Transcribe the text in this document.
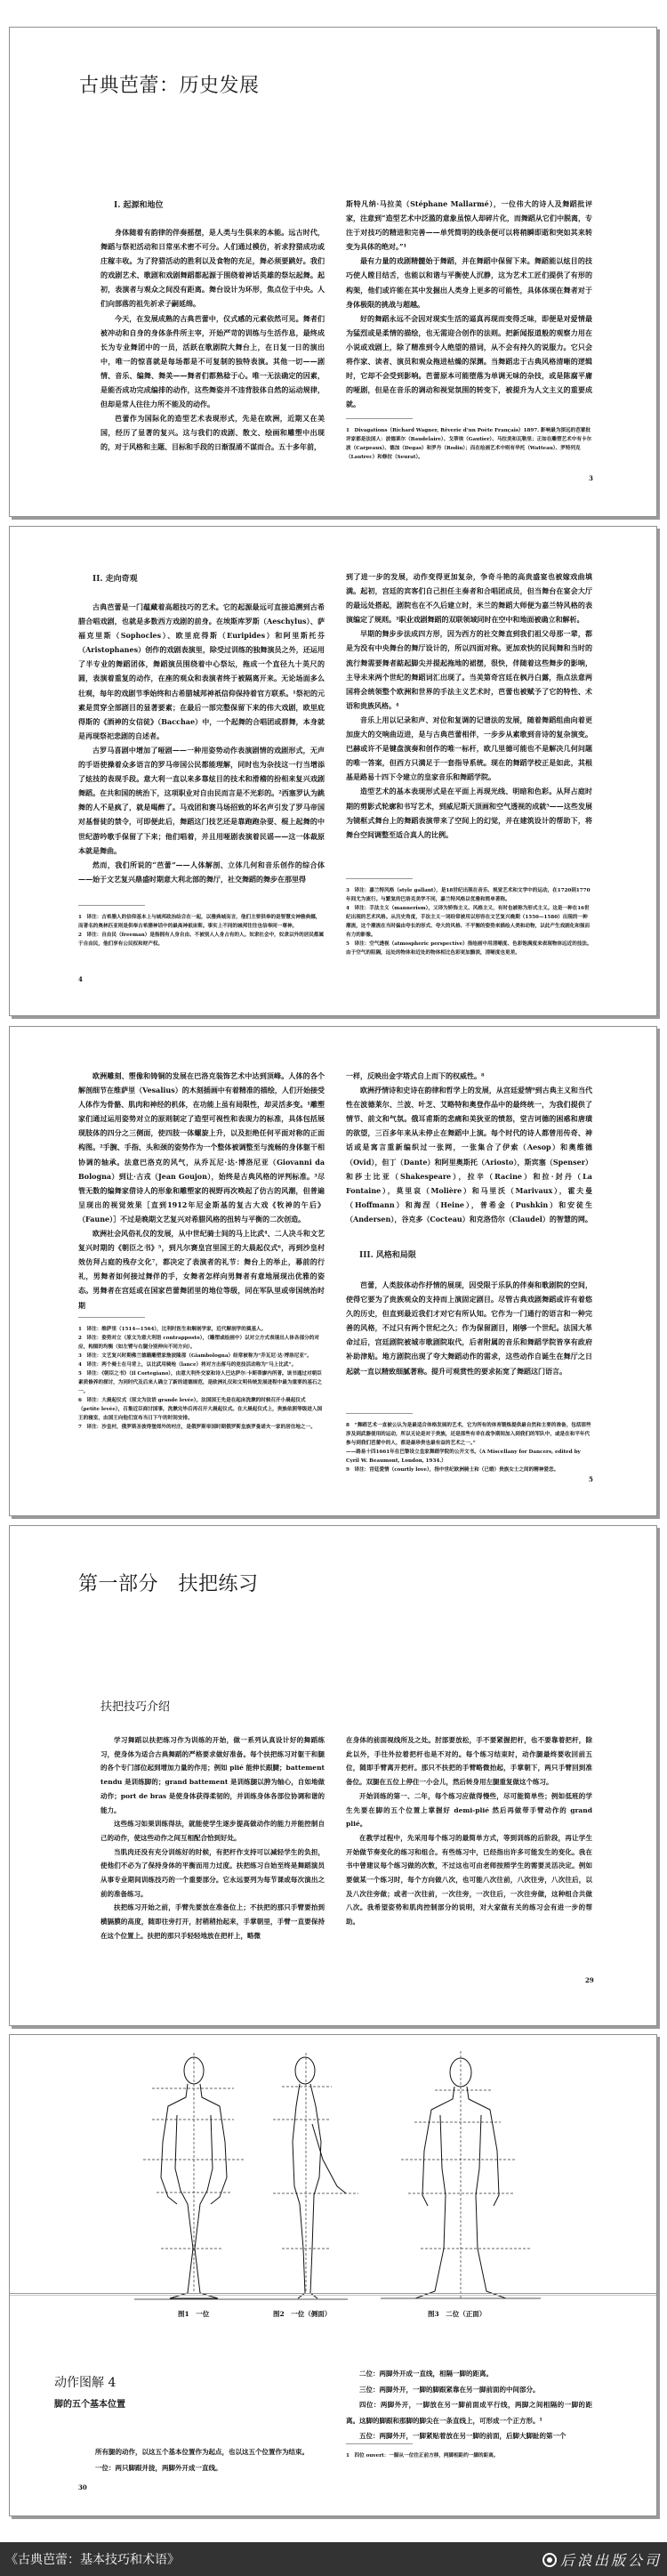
古典芭蕾：历史发展
I. 起源和地位

身体随着有韵律的伴奏摇摆，是人类与生俱来的本能。远古时代，舞蹈与祭祀活动和日常巫术密不可分。人们通过模仿，祈求狩猎成功或庄稼丰收。为了狩猎活动的胜利以及食物的充足，舞必须要跳好。我们的戏剧艺术、歌剧和戏剧舞蹈都起源于围绕着神话英雄的祭坛起舞。起初，表演者与观众之间没有距离。舞台设计为环形，焦点位于中央。人们向部落的祖先祈求子嗣延绵。

今天，在发展成熟的古典芭蕾中，仪式感的元素依然可见。舞者们被冲动和自身的身体条件所主宰，开始严苛的训练与生活作息，最终成长为专业舞团中的一员，活跃在歌剧院大舞台上，在日复一日的演出中，唯一的惊喜就是每场都是不可复制的独特表演。其他一切——剧情、音乐、编舞、舞美——舞者们都熟稔于心。唯一无法确定的因素，是能否成功完成编排的动作，这些舞姿并不违背肢体自然的运动规律，但却是常人往往力所不能及的动作。

芭蕾作为国际化的造型艺术表现形式，先是在欧洲，近期又在美国，经历了显著的复兴。这与我们的戏剧、散文、绘画和雕塑中出现的，对于风格和主题、目标和手段的日渐混淆不谋而合。五十多年前，

斯特凡纳·马拉美（Stéphane Mallarmé），一位伟大的诗人及舞蹈批评家，注意到“造型艺术中泛滥的意象虽惊人却碎片化，而舞蹈从它们中脱离，专注于对技巧的精进和完善——单凭简明的线条便可以将稍瞬即逝和突如其来转变为具体的绝对。”¹

最有力量的戏剧精髓始于舞蹈，并在舞蹈中保留下来。舞蹈能以炫目的技巧使人瞠目结舌，也能以和谐与平衡使人沉静，这为艺术工匠们提供了有形的构架，他们或许能在其中发掘出人类身上更多的可能性，具体体现在舞者对于身体极限的挑战与超越。

好的舞蹈永远不会因对现实生活的逼真再现而变得乏味，即便是对爱情最为猛烈或是柔情的描绘，也无需迎合创作的法则。把新闻报道般的观察力用在小说或戏剧上，除了精准到令人绝望的措词，从不会有持久的说服力。它只会将作家、读者、演员和观众拖进枯燥的深渊。当舞蹈忠于古典风格清晰的逻辑时，它却不会受到影响。芭蕾原本可能堕落为单调无味的杂技，或是陈腐平庸的哑剧，但是在音乐的调动和视觉氛围的转变下，被提升为人文主义的重要成就。

1　Divagations（Richard Wagner, Rêverie d’un Poète Français）1897. 影响最为深远的芭蕾批评家都是法国人：波德莱尔（Baudelaire）、戈蒂埃（Gautier）、马拉美和瓦勒里；正如在雕塑艺术中有卡尔波（Carpeaux）、德加（Degas）和罗丹（Rodin）；而在绘画艺术中则有华托（Watteau）、罗特列克（Lautrec）和修拉（Seurat）。

3
II. 走向奇观

古典芭蕾是一门蕴藏着高超技巧的艺术。它的起源最远可直接追溯到古希腊合唱戏剧，也就是多数西方戏剧的前身。在埃斯库罗斯（Aeschylus）、萨福克里斯（Sophocles）、欧里庇得斯（Euripides）和阿里斯托芬（Aristophanes）创作的戏剧表演里，除受过训练的独舞演员之外，还运用了半专业的舞蹈团体，舞蹈演员围绕着中心祭坛，拖成一个直径九十英尺的圆，表演着重复的动作，在座的观众和表演者终于被隔离开来。无论场面多么壮观，每年的戏剧节季始终和古希腊城邦神祇信仰保持着官方联系。¹祭祀的元素是贯穿全部剧目的显著要素；在最后一部完整保留下来的伟大戏剧，欧里庇得斯的《酒神的女信徒》（Bacchae）中，一个起舞的合唱团或群舞，本身就是再现祭祀悲剧的自述者。

古罗马喜剧中增加了哑剧——一种用姿势动作表演剧情的戏剧形式，无声的手语使操着众多语言的罗马帝国公民都能理解，同时也为杂技这一行当增添了炫技的表现手段。意大利一直以来多靠炫目的技术和滑稽的扮相来复兴戏剧舞蹈。在共和国的统治下，这项职业对自由民而言是不光彩的。²西塞罗认为跳舞的人不是疯了，就是喝醉了。马戏团和赛马场招致的坏名声引发了罗马帝国对基督徒的禁令，可即便此后，舞蹈这门技艺还是靠跑跑杂耍、棍上起舞的中世纪游吟歌手保留了下来；他们唱着，并且用哑剧表演着民谣——这一体裁原本就是舞曲。

然而，我们所说的“芭蕾”——人体解剖、立体几何和音乐创作的综合体——始于文艺复兴鼎盛时期意大利北部的舞厅，社交舞蹈的舞步在那里得

到了进一步的发展，动作变得更加复杂，争奇斗艳的高贵盛宴也被嫁戏曲填满。起初，宫廷的宾客们自己担任主奏者和合唱团成员，但当舞台在宴会大厅的最远处搭起，剧院也在不久后建立时，米兰的舞蹈大师便为嘉兰特风格的表演编定了规则。³职业戏剧舞蹈的双联领域同时在空中和地面被确立和解析。

早期的舞步步法成四方形，因为西方的社交舞直到我们祖父母那一辈，都是为没有中央舞台的舞厅设计的，所以四面对称。更加欢快的民间舞和当时的流行舞需要舞者踮起脚尖并提起拖地的裙摆，很快，伴随着这些舞步的影响，主导未来两个世纪的舞蹈词汇出现了。当美第奇宫廷在枫丹白露，指点法意两国将会统领整个欧洲和世界的手法主义艺术时，芭蕾也被赋予了它的特性、术语和贵族风格。⁴

音乐上用以记录和声、对位和复调的记谱法的发展，随着舞蹈组曲向着更加庞大的交响曲迈进，是与古典芭蕾相伴，一步步从素歌到音诗的复杂演变。巴赫或许不是键盘演奏和创作的唯一标杆，欧几里德可能也不是解决几何问题的唯一答案，但西方只满足于一套指导系统。现在的舞蹈学校正是如此，其根基是路易十四下令建立的皇家音乐和舞蹈学院。

造型艺术的基本表现形式是在平面上再现光线、明暗和色彩。从拜占庭时期的剪影式轮廓和书写艺术，到威尼斯天顶画和空气透视的成就⁵——这些发展为镜框式舞台上的舞蹈表演带来了空间上的幻觉，并在建筑设计的帮助下，将舞台空间调整至适合真人的比例。

1　译注：古希腊人的信仰基本上与城邦政治结合在一起，以雅典城而言，他们主要供奉的是智慧女神雅典娜，而著名的奥林匹亚则是供奉古希腊神话中的最高神祇宙斯。事实上不同的城邦往往也信奉同一尊神。

2　译注：自由民（freeman）是指拥有人身自由、不被别人人身占有的人。奴隶社会中，奴隶以外的居民都属于自由民，他们享有公民权和财产权。

3　译注：嘉兰特风格（style gallant），是18世纪出现在音乐、视觉艺术和文学中的运动，在1720到1770年间尤为流行。与繁复的巴洛克美学不同，嘉兰特风格以优雅和简单著称。

4　译注：手法主义（mannerism），又译为矫饰主义、风格主义，有时也被称为形式主义。这是一种在16世纪出现的艺术风格。从历史角度，手法主义一词经常被用以形容在文艺复兴晚期（1550—1580）出现的一种潮流，这个潮流在当时偏由夸长的形式、夸大的风格、不平衡的姿势来描绘人类和动物，以此产生戏剧化和强而有力的影像。

5　译注：空气透视（atmospheric perspective）指绘画中用清晰度、色彩饱满度来表现物体远近的技法。由于空气的阻隔，远处的物体和近处的物体相比色彩更加黯淡，清晰度也更差。

4

欧洲雕刻、塑像和铸铜的发展在巴洛克装饰艺术中达到顶峰。人体的各个解剖细节在维萨里（Vesalius）的木刻插画中有着精准的描绘，人们开始接受人体作为骨骼、肌肉和神经的机体，在功能上虽有局限性，却灵活多变。¹雕塑家们通过运用姿势对立的原则制定了造型可视性和表现力的标准，具体包括展现肢体的四分之三侧面，使四肢一体螺旋上升，以及拒绝任何平面对称的正面构图。²手腕、手指、头和颈的姿势作为一个整体被调整至与流畅的身体躯干相协调的轴承。法意巴洛克的风气，从乔瓦尼·达·博洛尼亚（Giovanni da Bologna）到让·古戎（Jean Goujon），始终是古典风格的评判标准。³尽管无数的编舞家借诗人的形象和雕塑家的视野再次唤起了仿古的风潮，但普遍呈现出的视觉效果［直到1912年尼金斯基的复古大戏《牧神的午后》（Faune）］不过是晚期文艺复兴对希腊风格的扭转与平衡的二次创造。

欧洲社会风俗礼仪的发展，从中世纪骑士间的马上比武⁴、二人决斗和文艺复兴时期的《朝臣之书》⁵，到凡尔赛皇宫里国王的大晨起仪式⁶，再到沙皇村效仿拜占庭的残存文化⁷，都决定了表演者的礼节：舞台上的举止，幕前的行礼，男舞者如何接过舞伴的手，女舞者怎样向男舞者有意地展现出优雅的姿态。男舞者在宫廷或在国家芭蕾舞团里的地位等级，同在军队里或帝国统治时期

一样，反映出金字塔式自上而下的权威性。⁸

欧洲抒情诗和史诗在韵律和哲学上的发展，从宫廷爱情⁹到古典主义和当代性在波德莱尔、兰波、叶芝、艾略特和奥登作品中的最终统一，为我们提供了情节、前文和气氛。俄耳甫斯的悲痛和美狄亚的愤怒，堂吉诃德的困惑和唐璜的欲望，三百多年来从未停止在舞蹈中上演。每个时代的诗人都曾用传奇、神话或是寓言重新编织过一张网，一张集合了伊索（Aesop）和奥维德（Ovid），但丁（Dante）和阿里奥斯托（Ariosto），斯宾塞（Spenser）和莎士比亚（Shakespeare），拉辛（Racine）和拉·封丹（La Fontaine），莫里哀（Molière）和马里沃（Marivaux），霍夫曼（Hoffmann）和海涅（Heine），普希金（Pushkin）和安徒生（Andersen），谷克多（Cocteau）和克洛岱尔（Claudel）的智慧的网。

III. 风格和局限

芭蕾，人类肢体动作抒情的展现，因受限于乐队的伴奏和歌剧院的空间，使得它要为了贵族观众的支持而上演固定剧目。尽管古典戏剧舞蹈或许有着悠久的历史，但直到最近我们才对它有所认知。它作为一门通行的语言和一种完善的风格，不过只有两个世纪之久；作为保留剧目，刚够一个世纪。法国大革命过后，宫廷剧院被城市歌剧院取代，后者附属的音乐和舞蹈学院皆享有政府补助津贴。地方剧院出现了夸大舞蹈动作的需求，这些动作自诞生在舞厅之日起就一直以精致细腻著称。提升可观赏性的要求拓宽了舞蹈这门语言。

1　译注：维萨里（1514—1564），比利时医生和解剖学家，近代解剖学的奠基人。

2　译注：姿势对立（原文为意大利语 contrapposto），（雕塑或绘画中）以对立方式表现出人体各部分的对应，构图的均衡（如左臂与右腿分别伸向不同方向）。

3　译注：文艺复兴时期佛兰德籍雕塑家詹波隆那（Giambologna）经常被称为“乔瓦尼·达·博洛尼亚”。

4　译注：两个骑士在马背上，以比武用骑枪（lance）将对方击落马的竞技活动称为“马上比武”。

5　译注：《朝臣之书》（Il Cortegiano），由意大利外交家和诗人巴达萨尔·卡斯蒂廖内所著。该书通过对朝臣素质修养的探讨，为同时代及后来人确立了新的道德规范，是欧洲礼仪和文明传统发展进程中最为重要的基石之一。

6　译注：大晨起仪式（原文为法语 grande levée）。法国国王先是在起床洗漱的时候召开小晨起仪式（petite levée），召集近臣商讨国事，洗漱完毕后再召开大晨起仪式。在大晨起仪式上，贵族依照等级进入国王的寝室，由国王向他们宣布当日下午的时间安排。

7　译注：沙皇村，俄罗斯圣彼得堡郊外的村庄，是俄罗斯帝国时期俄罗斯皇族罗曼诺夫一家的居住地之一。	8　“舞蹈艺术一直被公认为是最适合体格发展的艺术，它为所有的体育锻炼提供最自然和主要的准备，包括那些涉及到武器使用的运动，所以无论是对于贵族，还是那些有幸在战争期间加入到我们的军队中，或是在和平年代参与到我们芭蕾中的人，都是最珍贵也最有益的艺术之一。”

——路易十四1661年在巴黎设立皇家舞蹈学院的公开文书。（A Miscellany for Dancers, edited by Cyril W. Beaumont, London, 1934.）

9　译注：宫廷爱情（courtly love），指中世纪欧洲骑士和（已婚）贵族女士之间的精神爱恋。

5
第一部分　扶把练习
扶把技巧介绍

学习舞蹈以扶把练习作为训练的开始，做一系列认真设计好的舞蹈练习，使身体为适合古典舞蹈的严格要求做好准备。每个扶把练习对躯干和腿的各个专门部位起到增加力量的作用；例如 plié 能伸长跟腱；battement tendu 是训练脚的；grand battement 是训练腿以胯为轴心，自如地做动作；port de bras 是使身体获得柔韧的，并训练身体各部位协调和谐的能力。

这些练习如果训练得法，就能使学生逐步提高做动作的能力并能控制自己的动作，使这些动作之间互相配合恰到好处。

当肌肉还没有充分训练好的时候，有把杆作支持可以减轻学生的负担，使他们不必为了保持身体的平衡而用力过度。扶把练习自始至终是舞蹈演员从事专业期间训练技巧的一个重要部分。它永远要列为每节课或每次演出之前的准备练习。

扶把练习开始之前，手臂先要放在准备位上；不扶把的那只手臂要抬到横膈膜的高度，随即往旁打开，肘稍稍抬起来，手掌朝里，手臂一直要保持在这个位置上。扶把的那只手轻轻地放在把杆上，略微

在身体的前面视线所及之处。肘部要放松，手不要紧握把杆，也不要靠着把杆，除此以外，手往外拉着把杆也是不对的。每个练习结束时，动作腿最终要收回前五位，随即手臂离开把杆。那只不扶把的手臂略微抬起，手掌朝下，两只手臂回到准备位。双腿在五位上停住一小会儿，然后转身用左腿重复做这个练习。

开始训练的第一、二年，每个练习应做得慢些，尽可能简单些；例如低班的学生先要在脚的五个位置上掌握好 demi-plié 然后再做带手臂动作的 grand plié。

在教学过程中，先采用每个练习的最简单方式，等到训练的后阶段，再让学生开始做节奏变化的练习和组合。有些练习中，已经指出许多可能发生的变化。我在书中曾建议每个练习做的次数，不过这也可由老师按照学生的需要灵活决定。例如要做某一个练习时，每个方向做八次，也可能八次往前，八次往旁，八次往后，以及八次往旁做；或者一次往前，一次往旁，一次往后，一次往旁做，这种组合共做八次。我希望姿势和肌肉控制部分的说明，对大家做有关的练习会有进一步的帮助。

29
图1　一位	图2　一位（侧面）	图3　二位（正面）
动作图解 4
脚的五个基本位置

所有腿的动作，以这五个基本位置作为起点，也以这五个位置作为结束。

一位：两只脚跟并拢，两脚外开成一直线。

二位：两脚外开成一直线，相隔一脚的距离。

三位：两脚外开，一脚的脚跟紧靠在另一脚前面的中间部分。

四位：两脚外开，一脚放在另一脚前面成平行线，两脚之间相隔的一脚的距离。这脚的脚跟和那脚的脚尖在一条直线上，可形成一个正方形。¹

五位：两脚外开，一脚紧贴着放在另一脚的前面，后脚大脚趾的第一个

1　四位 ouvert：一脚从一位往正前方移，两脚相距约一脚的距离。

30
《古典芭蕾：基本技巧和术语》	后浪出版公司
